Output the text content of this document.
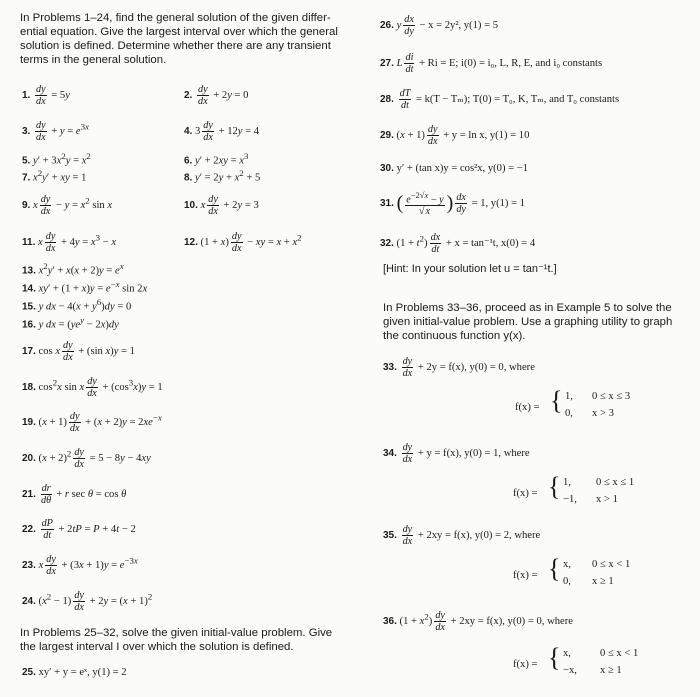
In Problems 1–24, find the general solution of the given differ-
ential equation. Give the largest interval over which the general
solution is defined. Determine whether there are any transient
terms in the general solution.
1. $\frac{dy}{dx} = 5y$	2. $\frac{dy}{dx} + 2y = 0$
3. $\frac{dy}{dx} + y = e^{3x}$	4. $3 \frac{dy}{dx} + 12y = 4$
5. $y' + 3x^2y = x^2$	6. $y' + 2xy = x^3$
7. $x^2y'$ + xy = 1	8. $y' = 2y + x^2 + 5$
9. x $\frac{dy}{dx} - y = x^2$ sin x	10. x $\frac{dy}{dx} + 2y = 3$
11. x $\frac{dy}{dx} + 4y = x^3 - x$	12. $(1 + x) \frac{dy}{dx}$ − xy = $x + x^2$
13. $x^2y' + x(x + 2)y = e^x$
14. $xy' + (1 + x)y = e^{-x}$ sin 2x
15. y dx − $4(x + y^6)dy = 0$
16. y dx = $(ye^y - 2x)dy$
17. cos x $\frac{dy}{dx} + (\sin$ x)y = 1
18. $\cos^2x$ sin x $\frac{dy}{dx} + (\cos^3x)y = 1$
19. $(x + 1) \frac{dy}{dx} + (x + 2)y = 2xe^{-x}$
20. $(x + 2)^2 \frac{dy}{dx} = 5 - 8y - 4xy$
21. $\frac{dr}{d\theta} + r$ sec θ = cos θ
22. $\frac{dP}{dt} + 2tP = P + 4t - 2$
23. x $\frac{dy}{dx} + (3x + 1)y = e^{-3x}$
24. $(x^2 - 1) \frac{dy}{dx} + 2y = (x + 1)^2$
In Problems 25–32, solve the given initial-value problem. Give
the largest interval I over which the solution is defined.
25. xy′ + y = eˣ, y(1) = 2
26. y $\frac{dx}{dy} - x = 2y^2$, y(1) = 5
27. L $\frac{di}{dt} + Ri = E$; i(0) = i₀, L, R, E, and i₀ constants
28. $\frac{dT}{dt} = k(T - T_m)$; T(0) = T₀, K, Tₘ, and T₀ constants
29. $(x + 1) \frac{dy}{dx} + y = \ln x$, y(1) = 10
30. y′ + (tan x)y = cos²x, y(0) = −1
31. ( $\frac{e^{-2√x} - y}{√x}$ ) $\frac{dx}{dy} = 1$, y(1) = 1
32. $(1 + t^2) \frac{dx}{dt} + x = \tan^{-1}t$, x(0) = 4
[Hint: In your solution let u = tan⁻¹t.]
In Problems 33–36, proceed as in Example 5 to solve the
given initial-value problem. Use a graphing utility to graph
the continuous function y(x).
33. $\frac{dy}{dx} + 2y = f(x)$, y(0) = 0, where
f(x) = { 1, 0 ≤ x ≤ 3
0, x > 3
34. $\frac{dy}{dx} + y = f(x)$, y(0) = 1, where
f(x) = { 1, 0 ≤ x ≤ 1
−1, x > 1
35. $\frac{dy}{dx} + 2xy = f(x)$, y(0) = 2, where
f(x) = { x, 0 ≤ x < 1
0, x ≥ 1
36. $(1 + x^2) \frac{dy}{dx} + 2xy = f(x)$, y(0) = 0, where
f(x) = { x,	0 ≤ x < 1
−x, x ≥ 1
